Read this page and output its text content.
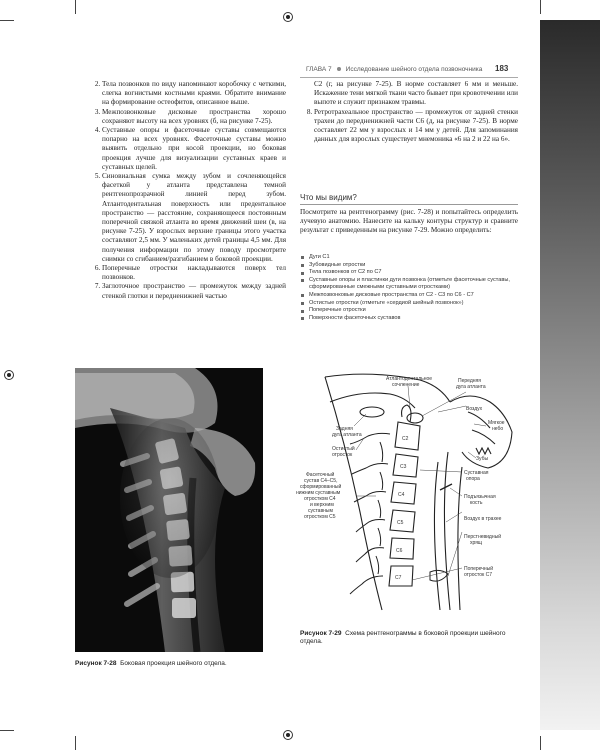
ГЛАВА 7 Исследование шейного отдела позвоночника	183
2. Тела позвонков по виду напоминают коробочку с четкими, слегка вогнистыми костными краями. Обратите внимание на формирование остеофитов, описанное выше.
3. Межпозвонковые дисковые пространства хорошо сохраняют высоту на всех уровнях (б, на рисунке 7-25).
4. Суставные опоры и фасеточные суставы совмещаются попарно на всех уровнях. Фасеточные суставы можно выявить отдельно при косой проекции, но боковая проекция лучше для визуализации суставных краев и суставных щелей.
5. Синовиальная сумка между зубом и сочленяющейся фасеткой у атланта представлена темной рентгенопрозрачной линией перед зубом. Атлантодентальная поверхность или предентальное пространство — расстояние, сохраняющееся постоянным поперечной связкой атланта во время движений шеи (в, на рисунке 7-25). У взрослых верхние границы этого участка составляют 2,5 мм. У маленьких детей границы 4,5 мм. Для получения информации по этому поводу просмотрите снимки со сгибанием/разгибанием в боковой проекции.
6. Поперечные отростки накладываются поверх тел позвонков.
7. Заглоточное пространство — промежуток между задней стенкой глотки и передненижней частью
C2 (г, на рисунке 7-25). В норме составляет 6 мм и меньше. Искажение тени мягкой ткани часто бывает при кровотечении или выпоте и служит признаком травмы.
8. Ретротрахеальное пространство — промежуток от задней стенки трахеи до передненижней части C6 (д, на рисунке 7-25). В норме составляет 22 мм у взрослых и 14 мм у детей. Для запоминания данных для взрослых существует мнемоника «6 на 2 и 22 на 6».
Что мы видим?
Посмотрите на рентгенограмму (рис. 7-28) и попытайтесь определить лучевую анатомию. Нанесите на кальку контуры структур и сравните результат с приведенным на рисунке 7-29. Можно определить:
Дуги C1
Зубовидные отростки
Тела позвонков от C2 по C7
Суставные опоры и пластинки дуги позвонка (отметьте фасеточные суставы, сформированные смежными суставными отростками)
Межпозвонковые дисковые пространства от C2 - C3 по C6 - C7
Остистые отростки (отметьте «сердиой шейный позвонок»)
Поперечные отростки
Поверхности фасеточных суставов
Рисунок 7-28 Боковая проекция шейного отдела.
Атлантодентальное
сочленение
Передняя
дуга атланта
Воздух
Задняя
дуга атланта
Мягкое
небо
Остистый
отросток
C2
C3
C4
C5
C6
C7
Зубы
Фасеточный
сустав C4–C5,
сформированный
нижним суставным
отростком C4
и верхним
суставным
отростком C5
Суставная
опора
Подъязычная
кость
Воздух в трахее
Перстневидный
хрящ
Поперечный
отросток C7
Рисунок 7-29 Схема рентгенограммы в боковой проекции шейного отдела.
